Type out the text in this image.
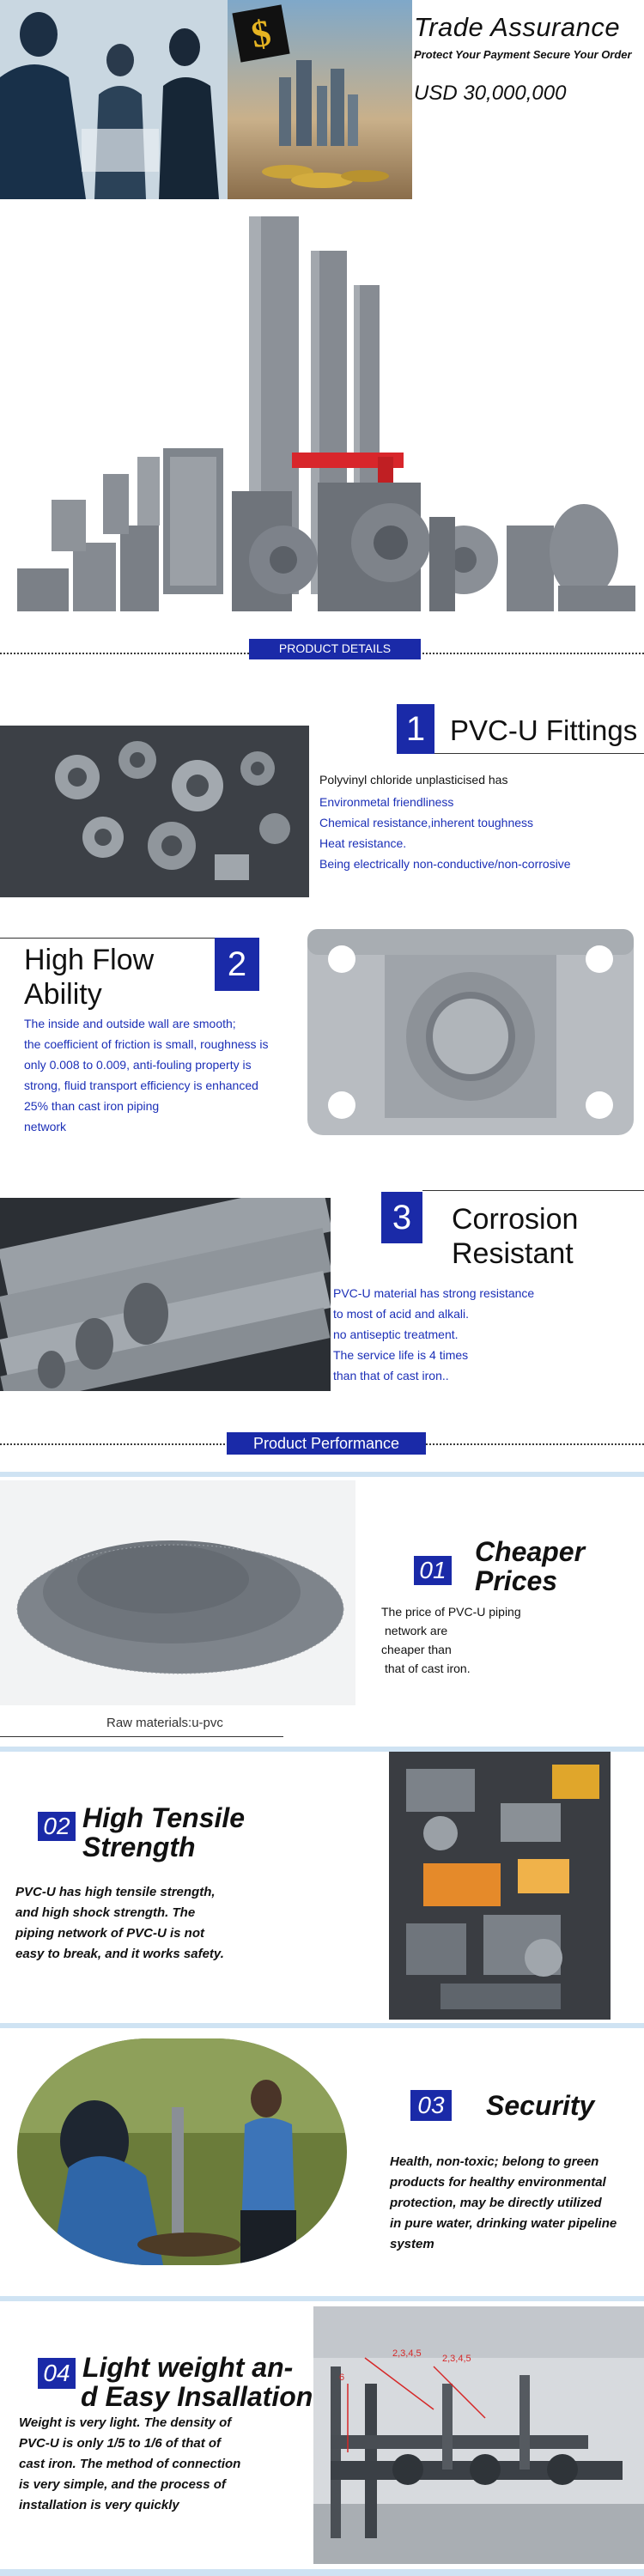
$	Trade Assurance
Protect Your Payment Secure Your Order
USD 30,000,000
PRODUCT DETAILS
1 PVC-U Fittings
Polyvinyl chloride unplasticised has
Environmetal friendliness
Chemical resistance,inherent toughness
Heat resistance.
Being electrically non-conductive/non-corrosive
High Flow
Ability
2
The inside and outside wall are smooth;
the coefficient of friction is small, roughness is
only 0.008 to 0.009, anti-fouling property is
strong, fluid transport efficiency is enhanced
25% than cast iron piping
network
3	Corrosion
Resistant
PVC-U material has strong resistance
to most of acid and alkali.
no antiseptic treatment.
The service life is 4 times
than that of cast iron..
Product Performance
Raw materials:u-pvc
01
Cheaper
Prices
The price of PVC-U piping
network are
cheaper than
that of cast iron.
02 High Tensile
Strength
PVC-U has high tensile strength,
and high shock strength. The
piping network of PVC-U is not
easy to break, and it works safety.
03 Security
Health, non-toxic; belong to green
products for healthy environmental
protection, may be directly utilized
in pure water, drinking water pipeline
system
04 Light weight an-
d Easy Insallation
Weight is very light. The density of
PVC-U is only 1/5 to 1/6 of that of
cast iron. The method of connection
is very simple, and the process of
installation is very quickly
2,3,4,5 2,3,4,5
6
